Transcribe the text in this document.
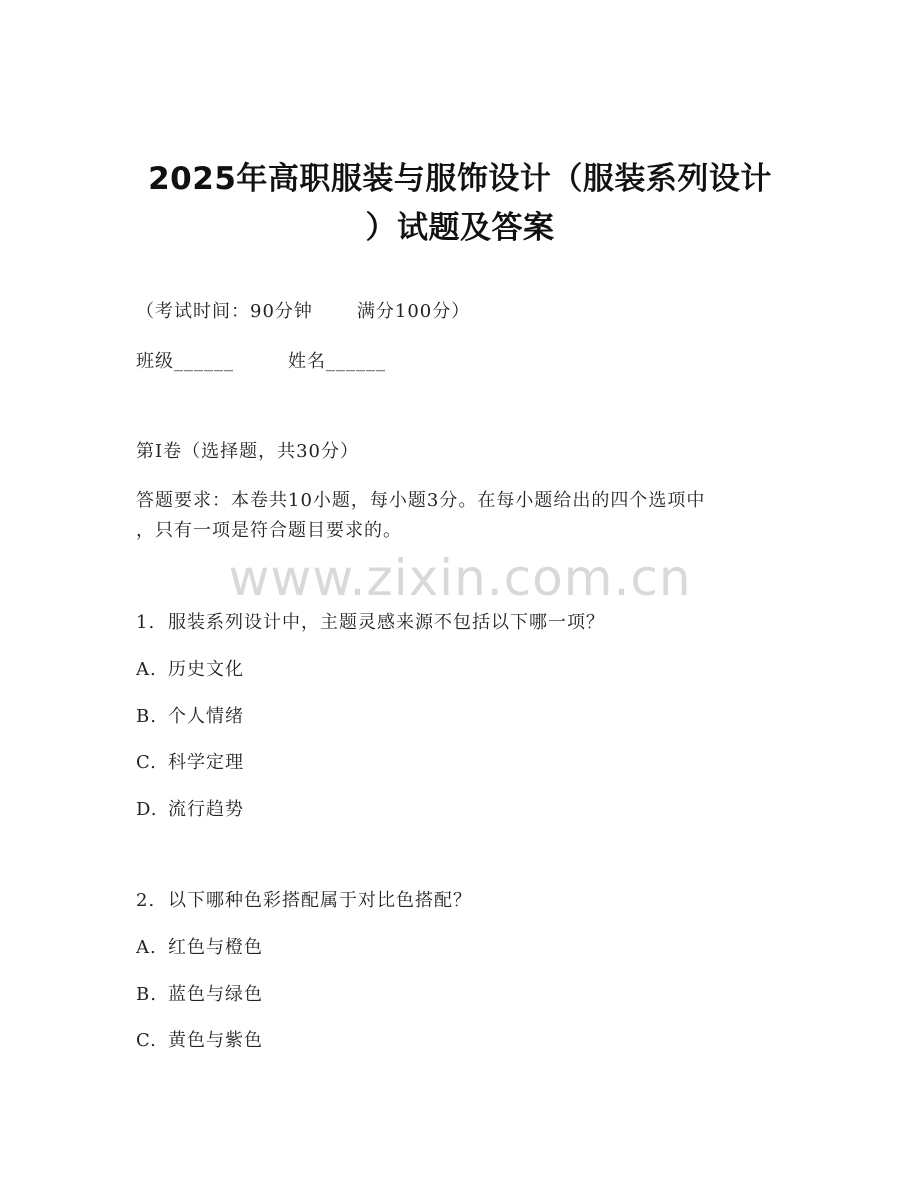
2025年高职服装与服饰设计（服装系列设计
）试题及答案
（考试时间：90分钟 满分100分）
班级______	姓名______
第I卷（选择题，共30分）
答题要求：本卷共10小题，每小题3分。在每小题给出的四个选项中
，只有一项是符合题目要求的。
www.zixin.com.cn
1. 服装系列设计中，主题灵感来源不包括以下哪一项？
A. 历史文化
B. 个人情绪
C. 科学定理
D. 流行趋势
2. 以下哪种色彩搭配属于对比色搭配？
A. 红色与橙色
B. 蓝色与绿色
C. 黄色与紫色
